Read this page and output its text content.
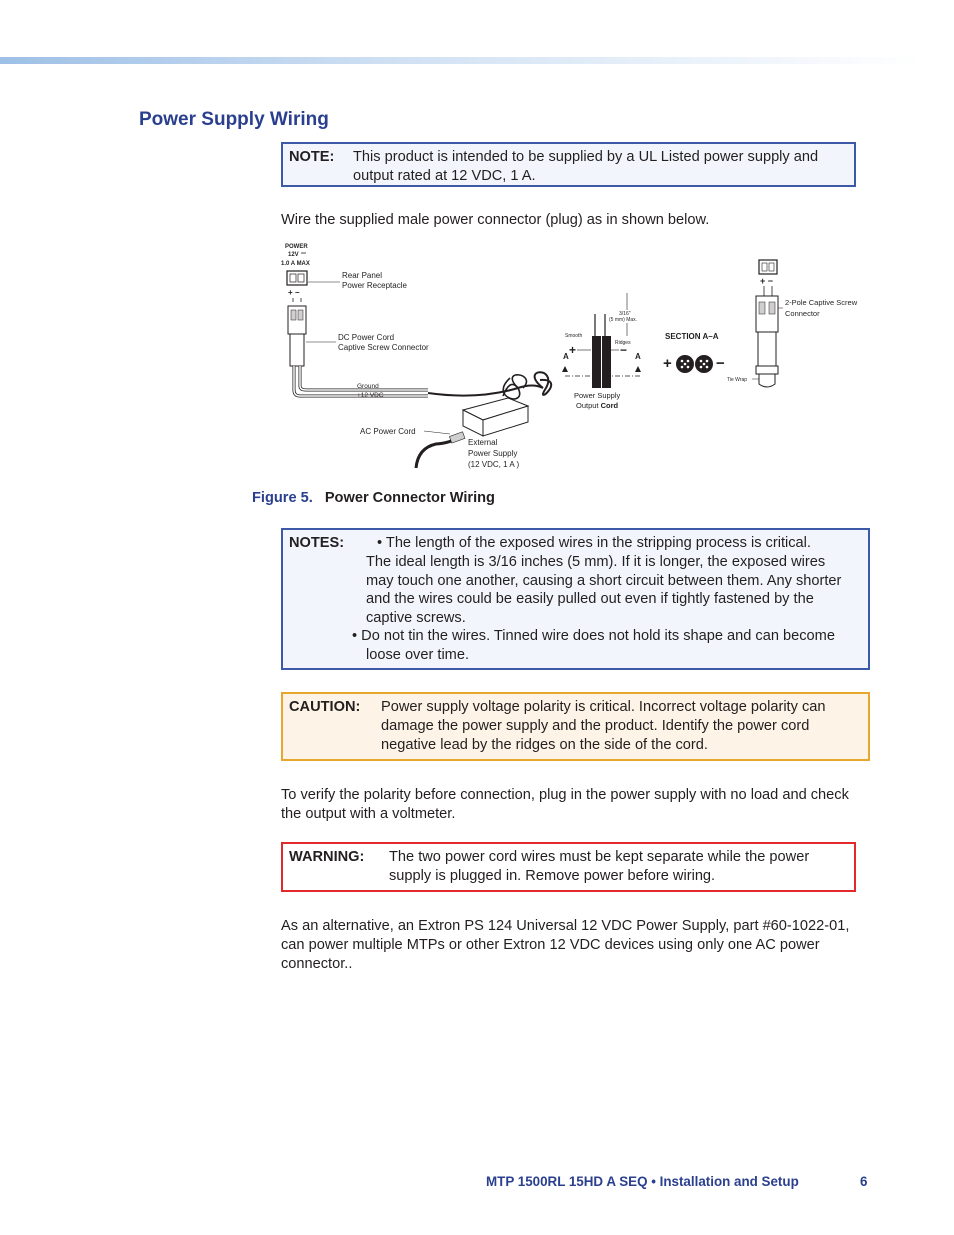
Power Supply Wiring
NOTE: This product is intended to be supplied by a UL Listed power supply and output rated at 12 VDC, 1 A.

Wire the supplied male power connector (plug) as in shown below.

POWER
12V
1.0 A MAX
+ −
Rear Panel
Power Receptacle
DC Power Cord
Captive Screw Connector
Ground
+12 VDC
AC Power Cord
External
Power Supply
(12 VDC, 1 A )
3/16"
(5 mm) Max.
Smooth
Ridges
+	−
A	A
Power Supply
Output Cord
SECTION A–A
+	−
+ −
Tie Wrap
2-Pole Captive Screw
Connector

Figure 5. Power Connector Wiring

NOTES: • The length of the exposed wires in the stripping process is critical.
The ideal length is 3/16 inches (5 mm). If it is longer, the exposed wires
may touch one another, causing a short circuit between them. Any shorter
and the wires could be easily pulled out even if tightly fastened by the
captive screws.
• Do not tin the wires. Tinned wire does not hold its shape and can become
loose over time.
CAUTION: Power supply voltage polarity is critical. Incorrect voltage polarity can damage the power supply and the product. Identify the power cord negative lead by the ridges on the side of the cord.

To verify the polarity before connection, plug in the power supply with no load and check the output with a voltmeter.

WARNING: The two power cord wires must be kept separate while the power supply is plugged in. Remove power before wiring.

As an alternative, an Extron PS 124 Universal 12 VDC Power Supply, part #60-1022-01, can power multiple MTPs or other Extron 12 VDC devices using only one AC power connector..

MTP 1500RL 15HD A SEQ • Installation and Setup	6
